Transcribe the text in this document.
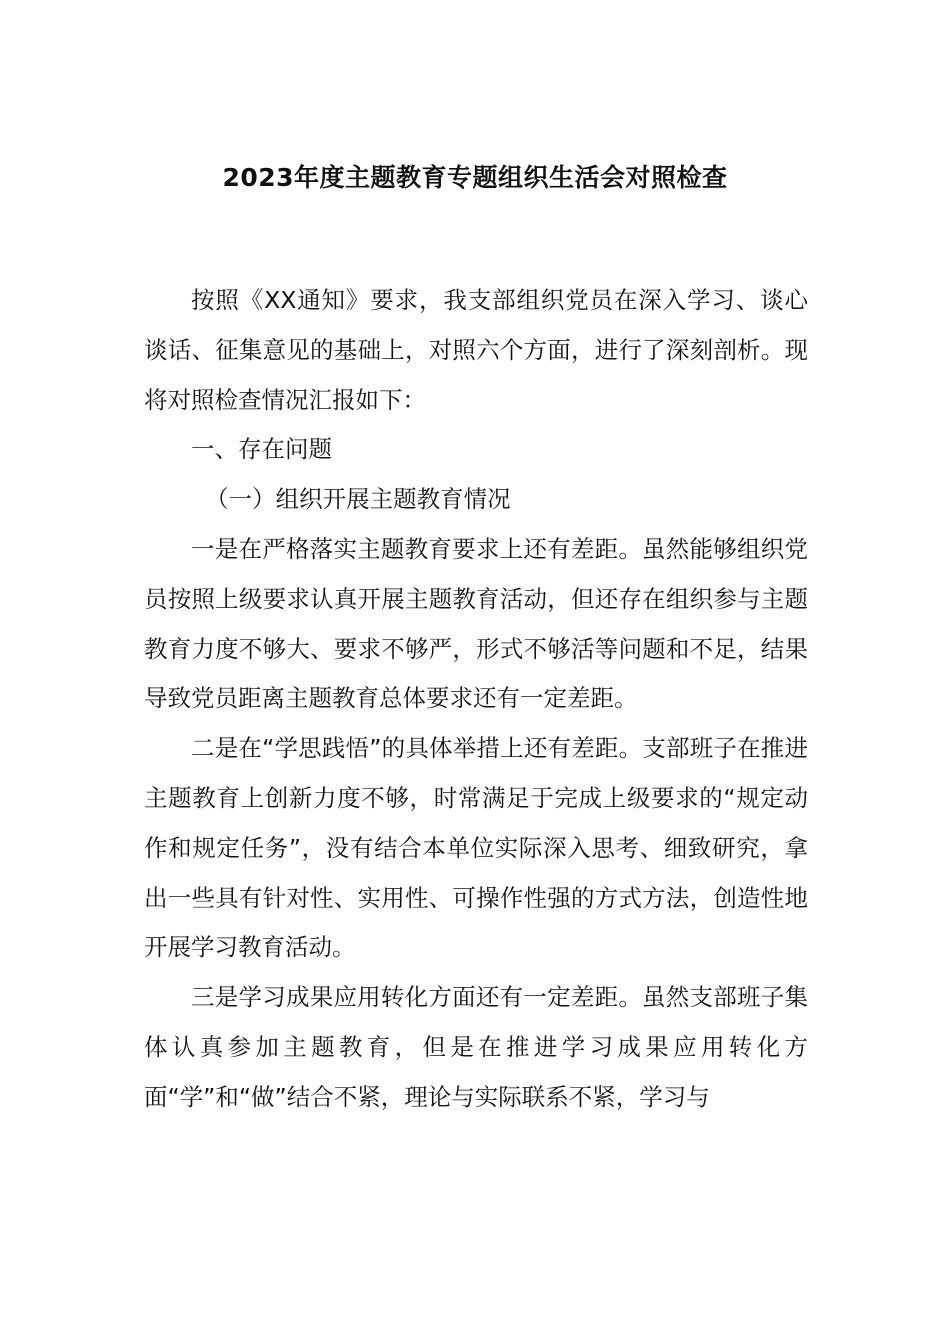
2023年度主题教育专题组织生活会对照检查

按照《XX通知》要求，我支部组织党员在深入学习、谈心谈话、征集意见的基础上，对照六个方面，进行了深刻剖析。现将对照检查情况汇报如下：

一、存在问题

（一）组织开展主题教育情况

一是在严格落实主题教育要求上还有差距。虽然能够组织党员按照上级要求认真开展主题教育活动，但还存在组织参与主题教育力度不够大、要求不够严，形式不够活等问题和不足，结果导致党员距离主题教育总体要求还有一定差距。

二是在“学思践悟”的具体举措上还有差距。支部班子在推进主题教育上创新力度不够，时常满足于完成上级要求的“规定动作和规定任务”，没有结合本单位实际深入思考、细致研究，拿出一些具有针对性、实用性、可操作性强的方式方法，创造性地开展学习教育活动。

三是学习成果应用转化方面还有一定差距。虽然支部班子集体认真参加主题教育，但是在推进学习成果应用转化方面“学”和“做”结合不紧，理论与实际联系不紧，学习与
